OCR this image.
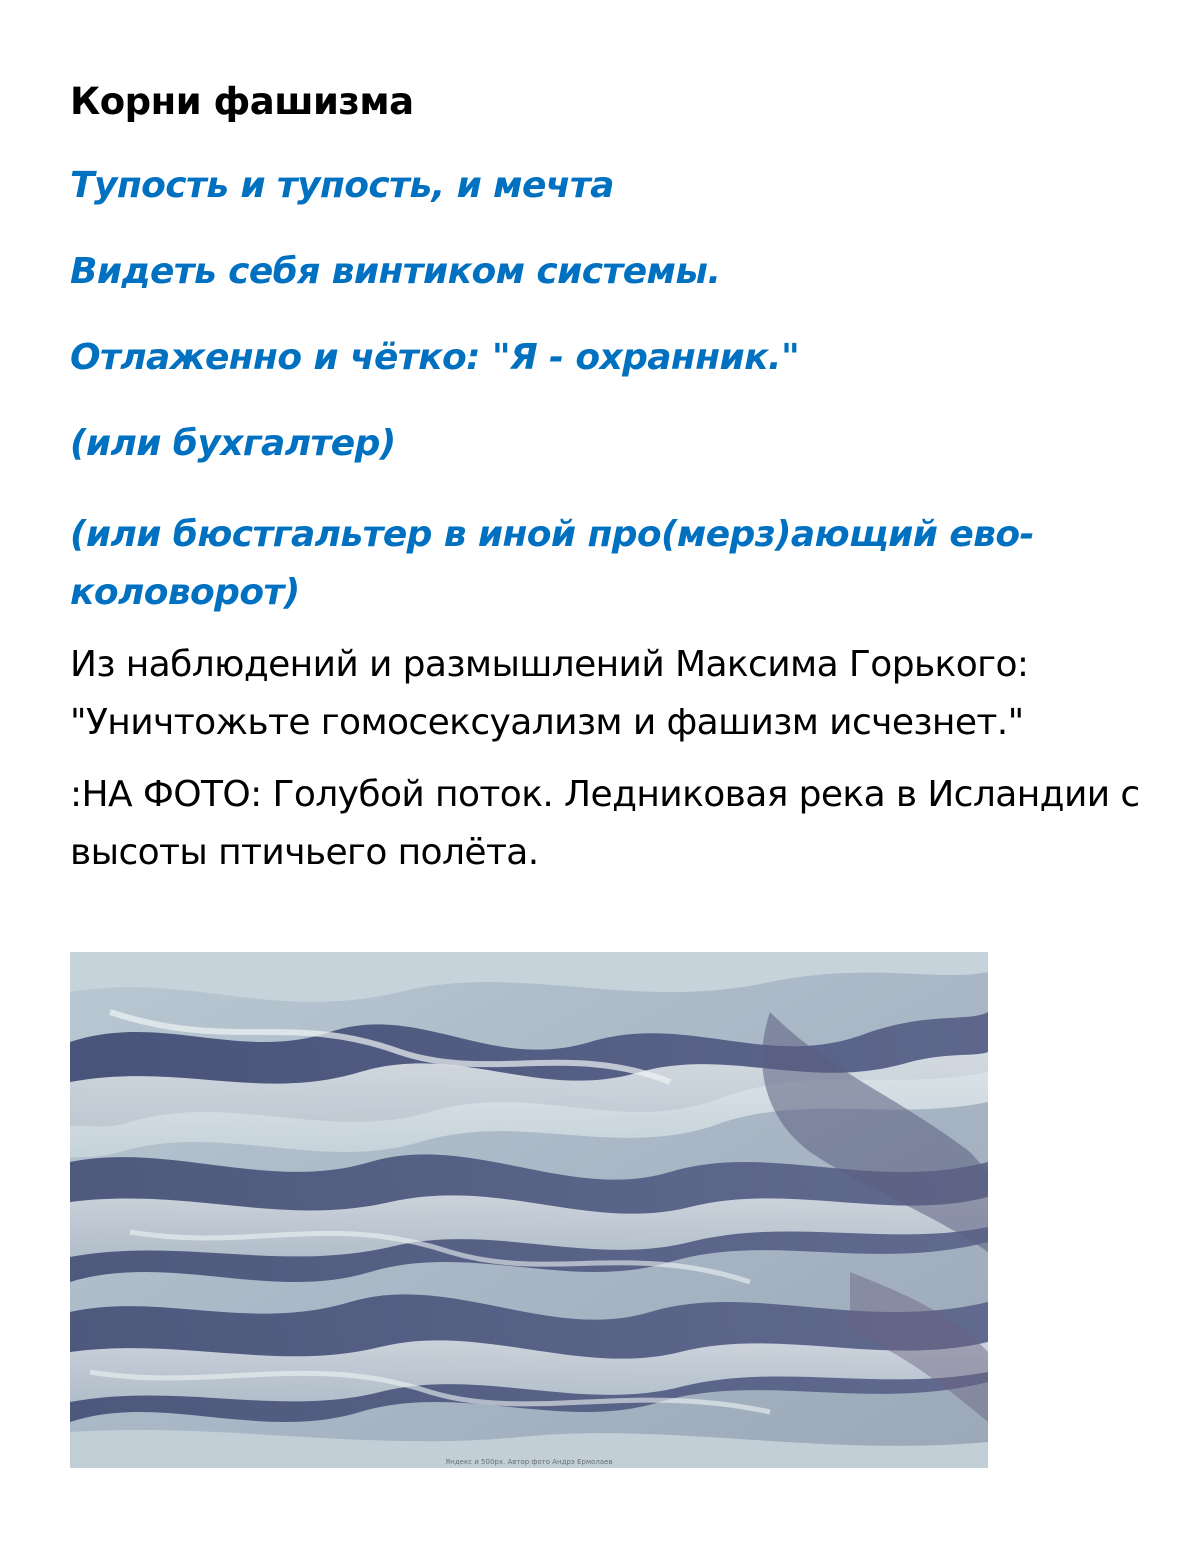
Корни фашизма

Тупость и тупость, и мечта

Видеть себя винтиком системы.

Отлаженно и чётко: "Я - охранник."

(или бухгалтер)

(или бюстгальтер в иной про(мерз)ающий ево-коловорот)

Из наблюдений и размышлений Максима Горького: "Уничтожьте гомосексуализм и фашизм исчезнет."

:НА ФОТО: Голубой поток. Ледниковая река в Исландии с высоты птичьего полёта.

Яндекс и 500px. Автор фото Андрэ Ермолаев
